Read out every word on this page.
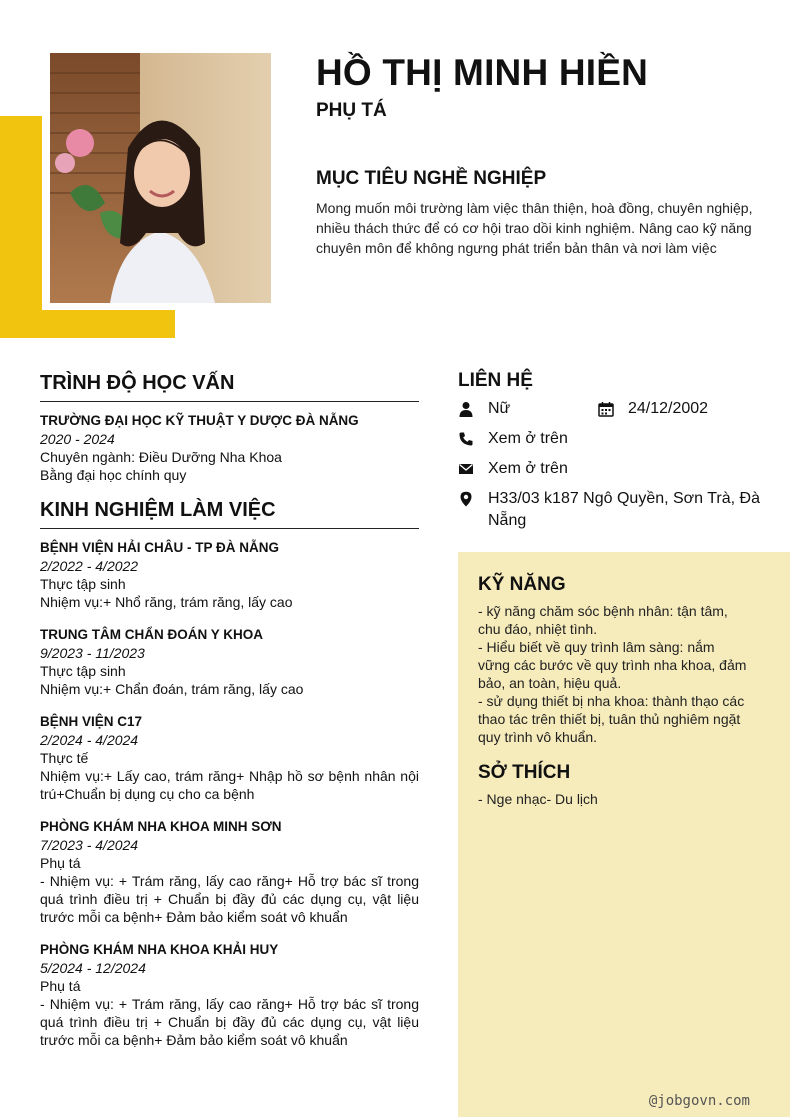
HỒ THỊ MINH HIỀN
PHỤ TÁ
MỤC TIÊU NGHỀ NGHIỆP
Mong muốn môi trường làm việc thân thiện, hoà đồng, chuyên nghiệp, nhiều thách thức để có cơ hội trao dồi kinh nghiệm. Nâng cao kỹ năng chuyên môn để không ngưng phát triển bản thân và nơi làm việc
TRÌNH ĐỘ HỌC VẤN
TRƯỜNG ĐẠI HỌC KỸ THUẬT Y DƯỢC ĐÀ NẴNG
2020 - 2024
Chuyên ngành: Điều Dưỡng Nha Khoa
Bằng đại học chính quy
KINH NGHIỆM LÀM VIỆC
BỆNH VIỆN HẢI CHÂU - TP ĐÀ NẴNG
2/2022 - 4/2022
Thực tập sinh
Nhiệm vụ:+ Nhổ răng, trám răng, lấy cao
TRUNG TÂM CHẨN ĐOÁN Y KHOA
9/2023 - 11/2023
Thực tập sinh
Nhiệm vụ:+ Chẩn đoán, trám răng, lấy cao
BỆNH VIỆN C17
2/2024 - 4/2024
Thực tế
Nhiệm vụ:+ Lấy cao, trám răng+ Nhập hồ sơ bệnh nhân nội trú+Chuẩn bị dụng cụ cho ca bệnh
PHÒNG KHÁM NHA KHOA MINH SƠN
7/2023 - 4/2024
Phụ tá
- Nhiệm vụ: + Trám răng, lấy cao răng+ Hỗ trợ bác sĩ trong quá trình điều trị + Chuẩn bị đầy đủ các dụng cụ, vật liệu trước mỗi ca bệnh+ Đảm bảo kiểm soát vô khuẩn
PHÒNG KHÁM NHA KHOA KHẢI HUY
5/2024 - 12/2024
Phụ tá
- Nhiệm vụ: + Trám răng, lấy cao răng+ Hỗ trợ bác sĩ trong quá trình điều trị + Chuẩn bị đầy đủ các dụng cụ, vật liệu trước mỗi ca bệnh+ Đảm bảo kiểm soát vô khuẩn
LIÊN HỆ
Nữ	24/12/2002
Xem ở trên
Xem ở trên
H33/03 k187 Ngô Quyền, Sơn Trà, Đà Nẵng
KỸ NĂNG
- kỹ năng chăm sóc bệnh nhân: tận tâm, chu đáo, nhiệt tình.
- Hiểu biết về quy trình lâm sàng: nắm vững các bước về quy trình nha khoa, đảm bảo, an toàn, hiệu quả.
- sử dụng thiết bị nha khoa: thành thạo các thao tác trên thiết bị, tuân thủ nghiêm ngặt quy trình vô khuẩn.
SỞ THÍCH
- Nge nhạc- Du lịch
@jobgovn.com
